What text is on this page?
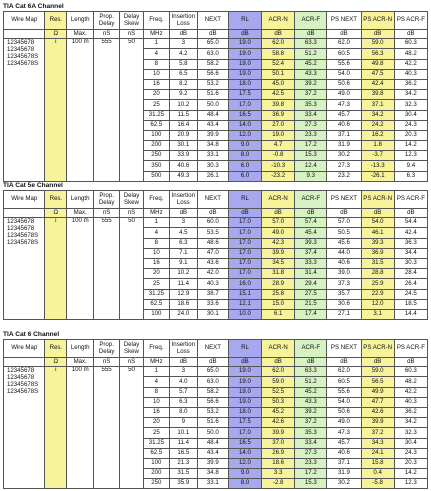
TIA Cat 6A Channel
Wire Map	Res.	Length	Prop. Delay	Delay Skew	Freq.	Insertion Loss	NEXT	RL	ACR-N	ACR-F	PS NEXT	PS ACR-N	PS ACR-F
	Ω	Max.	nS	nS	MHz	dB	dB	dB	dB	dB	dB	dB	dB

12345678
12345678
12345678S
12345678S	i	100 m	555	50	1	3	65.0	19.0	62.0	63.3	62.0	59.0	60.3
					4	4.2	63.0	19.0	58.8	51.2	60.5	56.3	48.2
					8	5.8	58.2	19.0	52.4	45.2	55.6	49.8	42.2
					10	6.5	56.6	19.0	50.1	43.3	54.0	47.5	40.3
					16	8.2	53.2	18.0	45.0	39.2	50.6	42.4	36.2
					20	9.2	51.6	17.5	42.5	37.2	49.0	39.8	34.2
					25	10.2	50.0	17.0	39.8	35.3	47.3	37.1	32.3
					31.25	11.5	48.4	16.5	36.9	33.4	45.7	34.2	30.4
					62.5	16.4	43.4	14.0	27.0	27.3	40.6	24.2	24.3
					100	20.9	39.9	12.0	19.0	23.3	37.1	16.2	20.3
					200	30.1	34.8	9.0	4.7	17.2	31.9	1.8	14.2
					250	33.9	33.1	8.0	-0.8	15.3	30.2	-3.7	12.3
					350	40.6	30.3	6.0	-10.3	12.4	27.3	-13.3	9.4
					500	49.3	26.1	6.0	-23.2	9.3	23.2	-26.1	6.3
TIA Cat 5e Channel
Wire Map	Res.	Length	Prop. Delay	Delay Skew	Freq.	Insertion Loss	NEXT	RL	ACR-N	ACR-F	PS NEXT	PS ACR-N	PS ACR-F
	Ω	Max.	nS	nS	MHz	dB	dB	dB	dB	dB	dB	dB	dB

12345678
12345678
12345678S
12345678S	i	100 m	555	50	1	3	60.0	17.0	57.0	57.4	57.0	54.0	54.4
					4	4.5	53.5	17.0	49.0	45.4	50.5	46.1	42.4
					8	6.3	48.6	17.0	42.3	39.3	45.6	39.3	36.3
					10	7.1	47.0	17.0	39.9	37.4	44.0	36.9	34.4
					16	9.1	43.6	17.0	34.5	33.3	40.6	31.5	30.3
					20	10.2	42.0	17.0	31.8	31.4	39.0	28.8	28.4
					25	11.4	40.3	16.0	28.9	29.4	37.3	25.9	26.4
					31.25	12.9	38.7	15.1	25.8	27.5	35.7	22.9	24.5
					62.5	18.6	33.6	12.1	15.0	21.5	30.6	12.0	18.5
					100	24.0	30.1	10.0	6.1	17.4	27.1	3.1	14.4
TIA Cat 6 Channel
Wire Map	Res.	Length	Prop. Delay	Delay Skew	Freq.	Insertion Loss	NEXT	RL	ACR-N	ACR-F	PS NEXT	PS ACR-N	PS ACR-F
	Ω	Max.	nS	nS	MHz	dB	dB	dB	dB	dB	dB	dB	dB

12345678
12345678
12345678S
12345678S	i	100 m	555	50	1	3	65.0	19.0	62.0	63.3	62.0	59.0	60.3
					4	4.0	63.0	19.0	59.0	51.2	60.5	56.5	48.2
					8	5.7	58.2	19.0	52.5	45.2	55.6	49.9	42.2
					10	6.3	56.6	19.0	50.3	43.3	54.0	47.7	40.3
					16	8.0	53.2	18.0	45.2	39.2	50.6	42.6	36.2
					20	9	51.6	17.5	42.6	37.2	49.0	39.9	34.2
					25	10.1	50.0	17.0	39.9	35.3	47.3	37.2	32.3
					31.25	11.4	48.4	16.5	37.0	33.4	45.7	34.3	30.4
					62.5	16.5	43.4	14.0	26.9	27.3	40.6	24.1	24.3
					100	21.3	39.9	12.0	18.6	23.3	37.1	15.8	20.3
					200	31.5	34.8	9.0	3.3	17.2	31.9	0.4	14.2
					250	35.9	33.1	8.0	-2.8	15.3	30.2	-5.8	12.3
